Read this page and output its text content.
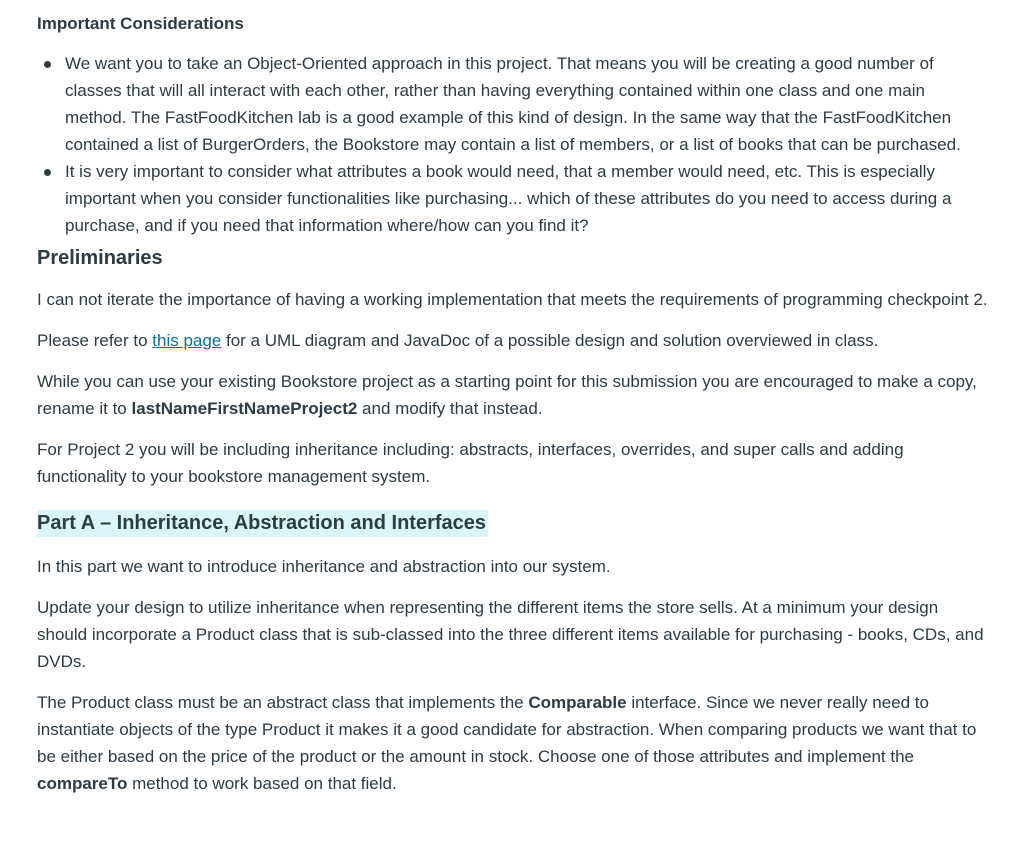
Important Considerations
We want you to take an Object-Oriented approach in this project. That means you will be creating a good number of classes that will all interact with each other, rather than having everything contained within one class and one main method. The FastFoodKitchen lab is a good example of this kind of design. In the same way that the FastFoodKitchen contained a list of BurgerOrders, the Bookstore may contain a list of members, or a list of books that can be purchased.
It is very important to consider what attributes a book would need, that a member would need, etc. This is especially important when you consider functionalities like purchasing... which of these attributes do you need to access during a purchase, and if you need that information where/how can you find it?
Preliminaries

I can not iterate the importance of having a working implementation that meets the requirements of programming checkpoint 2.

Please refer to this page for a UML diagram and JavaDoc of a possible design and solution overviewed in class.

While you can use your existing Bookstore project as a starting point for this submission you are encouraged to make a copy, rename it to lastNameFirstNameProject2 and modify that instead.

For Project 2 you will be including inheritance including: abstracts, interfaces, overrides, and super calls and adding functionality to your bookstore management system.

Part A – Inheritance, Abstraction and Interfaces

In this part we want to introduce inheritance and abstraction into our system.

Update your design to utilize inheritance when representing the different items the store sells. At a minimum your design should incorporate a Product class that is sub-classed into the three different items available for purchasing - books, CDs, and DVDs.

The Product class must be an abstract class that implements the Comparable interface. Since we never really need to instantiate objects of the type Product it makes it a good candidate for abstraction. When comparing products we want that to be either based on the price of the product or the amount in stock. Choose one of those attributes and implement the compareTo method to work based on that field.
